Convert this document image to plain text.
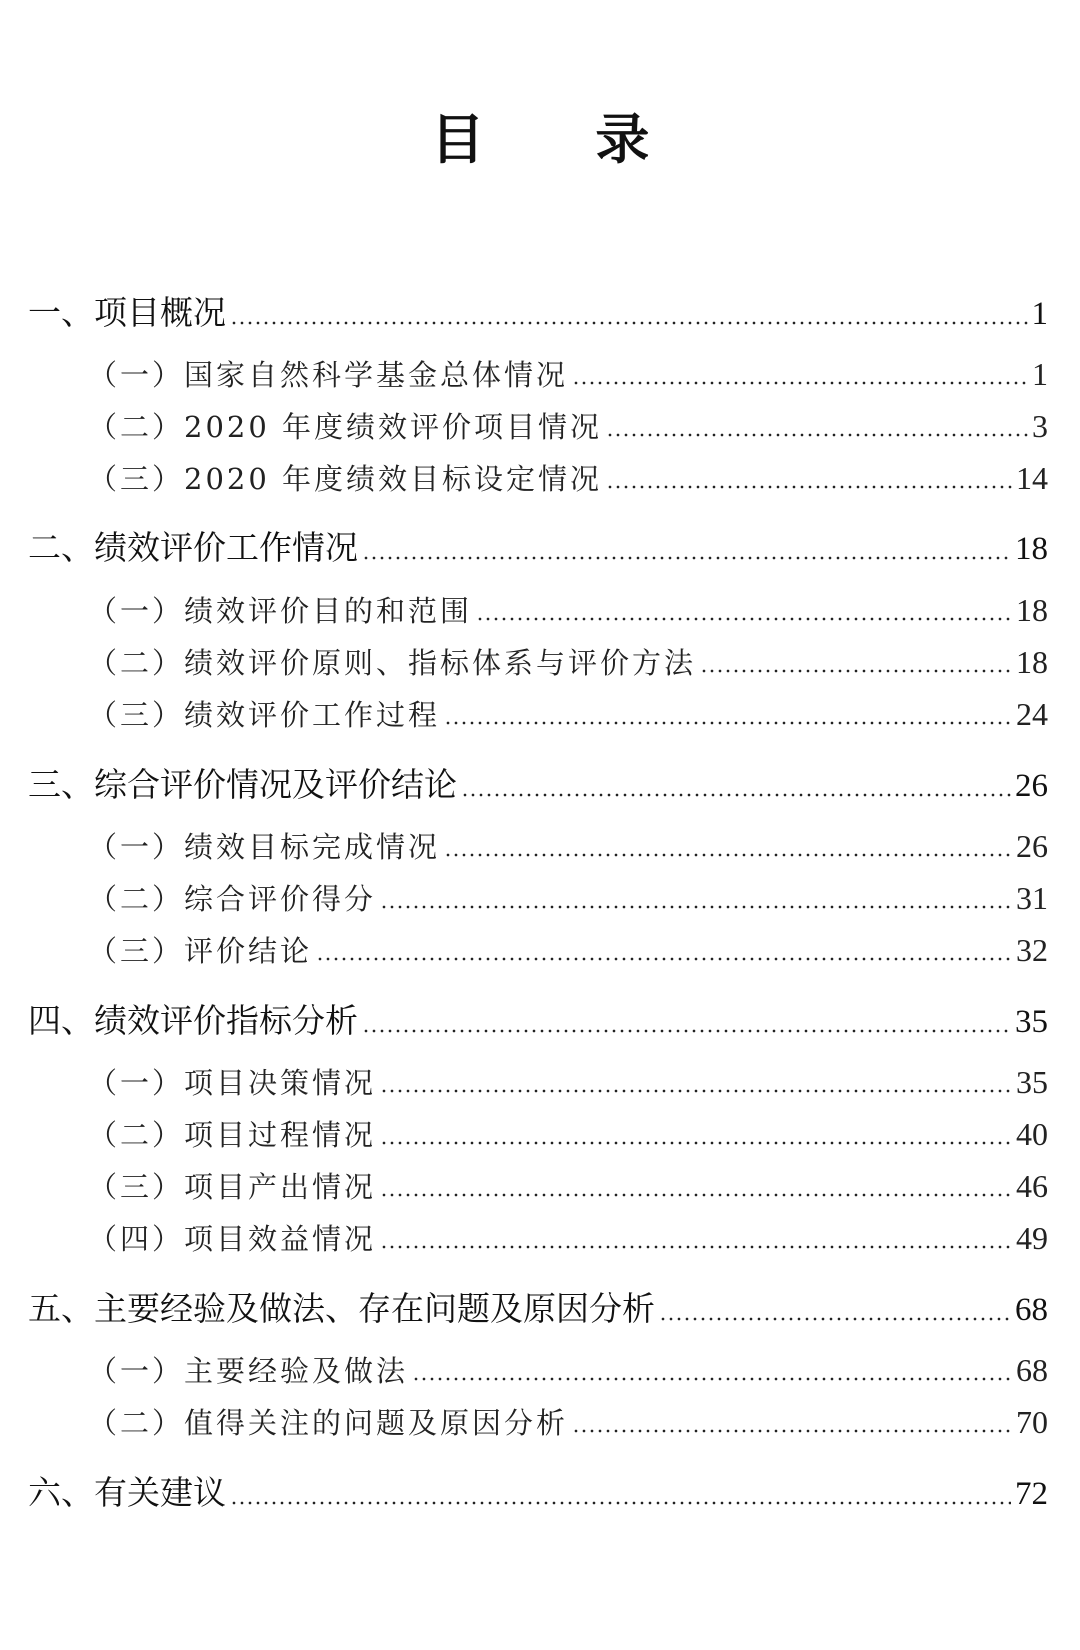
目 录
一、项目概况	1
（一）国家自然科学基金总体情况	1
（二）2020 年度绩效评价项目情况	3
（三）2020 年度绩效目标设定情况	14
二、绩效评价工作情况	18
（一）绩效评价目的和范围	18
（二）绩效评价原则、指标体系与评价方法	18
（三）绩效评价工作过程	24
三、综合评价情况及评价结论	26
（一）绩效目标完成情况	26
（二）综合评价得分	31
（三）评价结论	32
四、绩效评价指标分析	35
（一）项目决策情况	35
（二）项目过程情况	40
（三）项目产出情况	46
（四）项目效益情况	49
五、主要经验及做法、存在问题及原因分析	68
（一）主要经验及做法	68
（二）值得关注的问题及原因分析	70
六、有关建议	72
